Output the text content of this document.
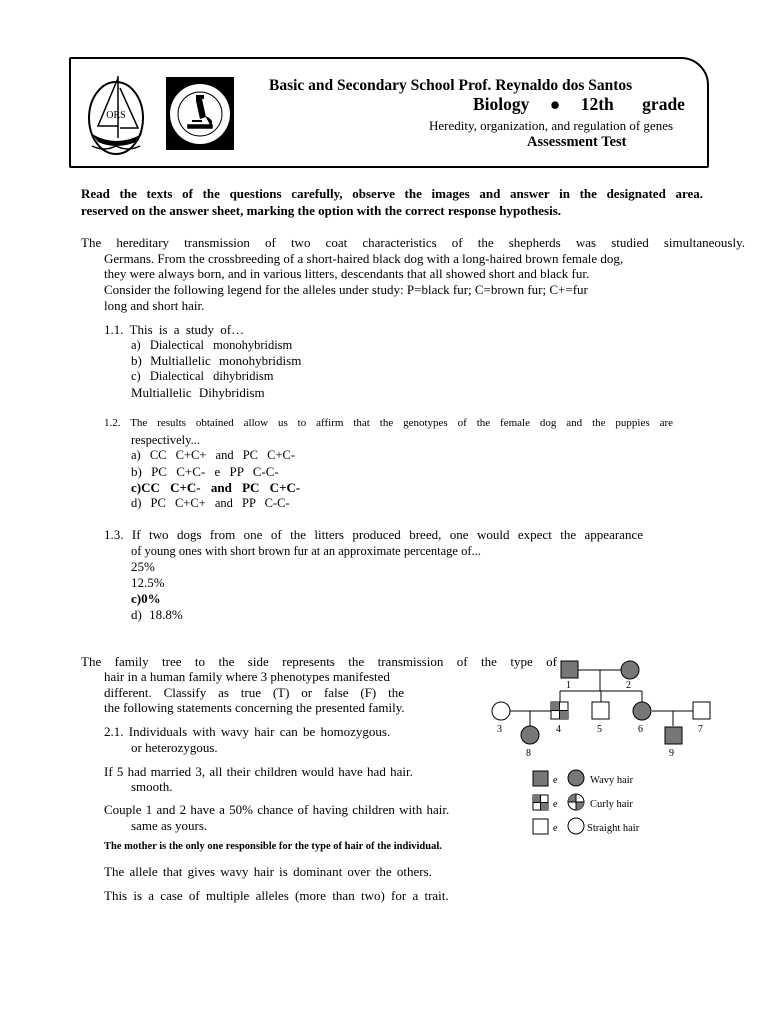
ORS
Basic and Secondary School Prof. Reynaldo dos Santos
Biology ● 12th grade
Heredity, organization, and regulation of genes
Assessment Test
Read the texts of the questions carefully, observe the images and answer in the designated area.
reserved on the answer sheet, marking the option with the correct response hypothesis.
The hereditary transmission of two coat characteristics of the shepherds was studied simultaneously.
Germans. From the crossbreeding of a short-haired black dog with a long-haired brown female dog,
they were always born, and in various litters, descendants that all showed short and black fur.
Consider the following legend for the alleles under study: P=black fur; C=brown fur; C+=fur
long and short hair.
1.1. This is a study of…
a) Dialectical monohybridism
b) Multiallelic monohybridism
c) Dialectical dihybridism
Multiallelic Dihybridism
1.2. The results obtained allow us to affirm that the genotypes of the female dog and the puppies are
respectively...
a) CC C+C+ and PC C+C-
b) PC C+C- e PP C-C-
c)CC C+C- and PC C+C-
d) PC C+C+ and PP C-C-
1.3. If two dogs from one of the litters produced breed, one would expect the appearance
of young ones with short brown fur at an approximate percentage of...
25%
12.5%
c)0%
d) 18.8%
The family tree to the side represents the transmission of the type of
hair in a human family where 3 phenotypes manifested
different. Classify as true (T) or false (F) the
the following statements concerning the presented family.
2.1. Individuals with wavy hair can be homozygous.
or heterozygous.
If 5 had married 3, all their children would have had hair.
smooth.
Couple 1 and 2 have a 50% chance of having children with hair.
same as yours.
The mother is the only one responsible for the type of hair of the individual.
The allele that gives wavy hair is dominant over the others.
This is a case of multiple alleles (more than two) for a trait.
1	2
3	4	5	6	7
8	9
e	Wavy hair
e	Curly hair
e	Straight hair
